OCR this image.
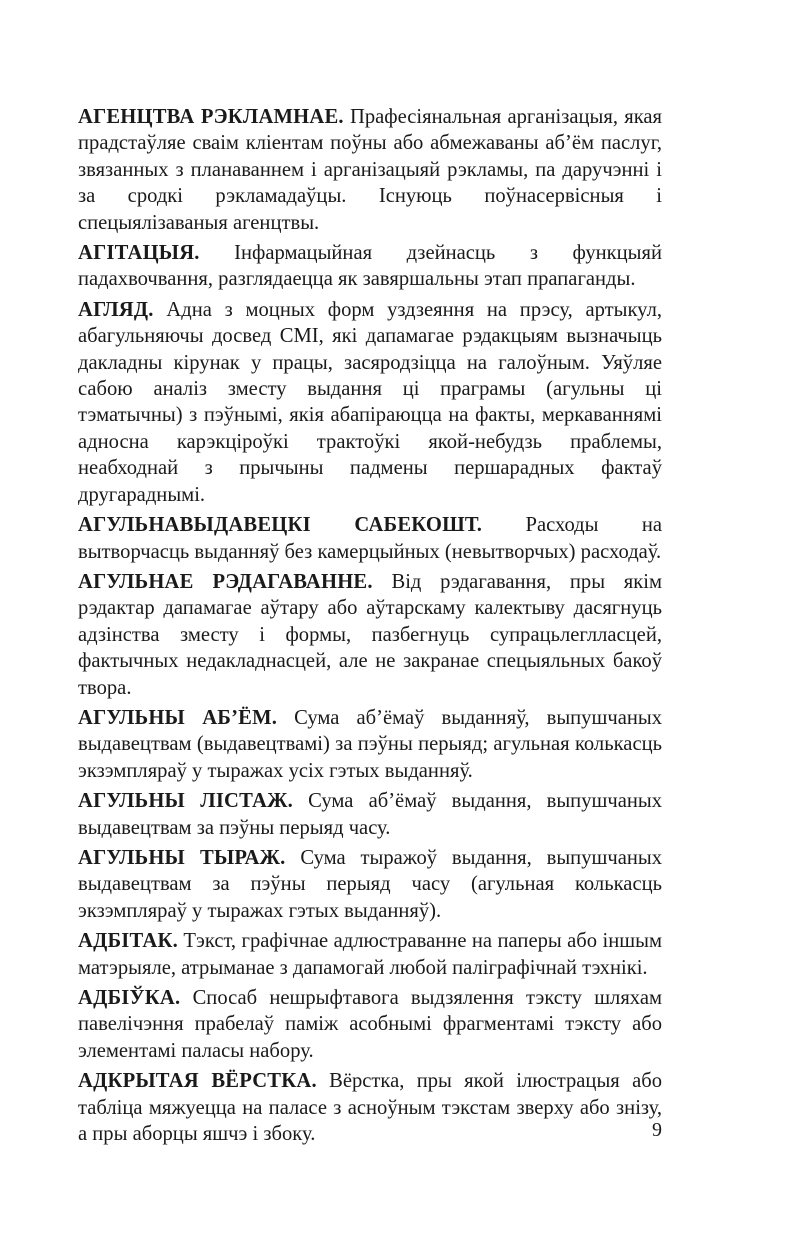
АГЕНЦТВА РЭКЛАМНАЕ. Прафесіянальная арганізацыя, якая прадстаўляе сваім кліентам поўны або абмежаваны аб’ём паслуг, звязанных з планаваннем і арганізацыяй рэкламы, па даручэнні і за сродкі рэкламадаўцы. Існуюць поўнасервісныя і спецыялізаваныя агенцтвы.

АГІТАЦЫЯ. Інфармацыйная дзейнасць з функцыяй падахвочвання, разглядаецца як завяршальны этап прапаганды.

АГЛЯД. Адна з моцных форм уздзеяння на прэсу, артыкул, абагульняючы досвед СМІ, які дапамагае рэдакцыям вызначыць дакладны кірунак у працы, засяродзіцца на галоўным. Уяўляе сабою аналіз зместу выдання ці праграмы (агульны ці тэматычны) з пэўнымі, якія абапіраюцца на факты, меркаваннямі адносна карэкціроўкі трактоўкі якой-небудзь праблемы, неабходнай з прычыны падмены першарадных фактаў другараднымі.

АГУЛЬНАВЫДАВЕЦКІ САБЕКОШТ. Расходы на вытворчасць выданняў без камерцыйных (невытворчых) расходаў.

АГУЛЬНАЕ РЭДАГАВАННЕ. Від рэдагавання, пры якім рэдактар дапамагае аўтару або аўтарскаму калектыву дасягнуць адзінства зместу і формы, пазбегнуць супрацьлеглласцей, фактычных недакладнасцей, але не закранае спецыяльных бакоў твора.

АГУЛЬНЫ АБ’ЁМ. Сума аб’ёмаў выданняў, выпушчаных выдавецтвам (выдавецтвамі) за пэўны перыяд; агульная колькасць экзэмпляраў у тыражах усіх гэтых выданняў.

АГУЛЬНЫ ЛІСТАЖ. Сума аб’ёмаў выдання, выпушчаных выдавецтвам за пэўны перыяд часу.

АГУЛЬНЫ ТЫРАЖ. Сума тыражоў выдання, выпушчаных выдавецтвам за пэўны перыяд часу (агульная колькасць экзэмпляраў у тыражах гэтых выданняў).

АДБІТАК. Тэкст, графічнае адлюстраванне на паперы або іншым матэрыяле, атрыманае з дапамогай любой паліграфічнай тэхнікі.

АДБІЎКА. Спосаб нешрыфтавога выдзялення тэксту шляхам павелічэння прабелаў паміж асобнымі фрагментамі тэксту або элементамі паласы набору.

АДКРЫТАЯ ВЁРСТКА. Вёрстка, пры якой ілюстрацыя або табліца мяжуецца на паласе з асноўным тэкстам зверху або знізу, а пры аборцы яшчэ і збоку.	9
